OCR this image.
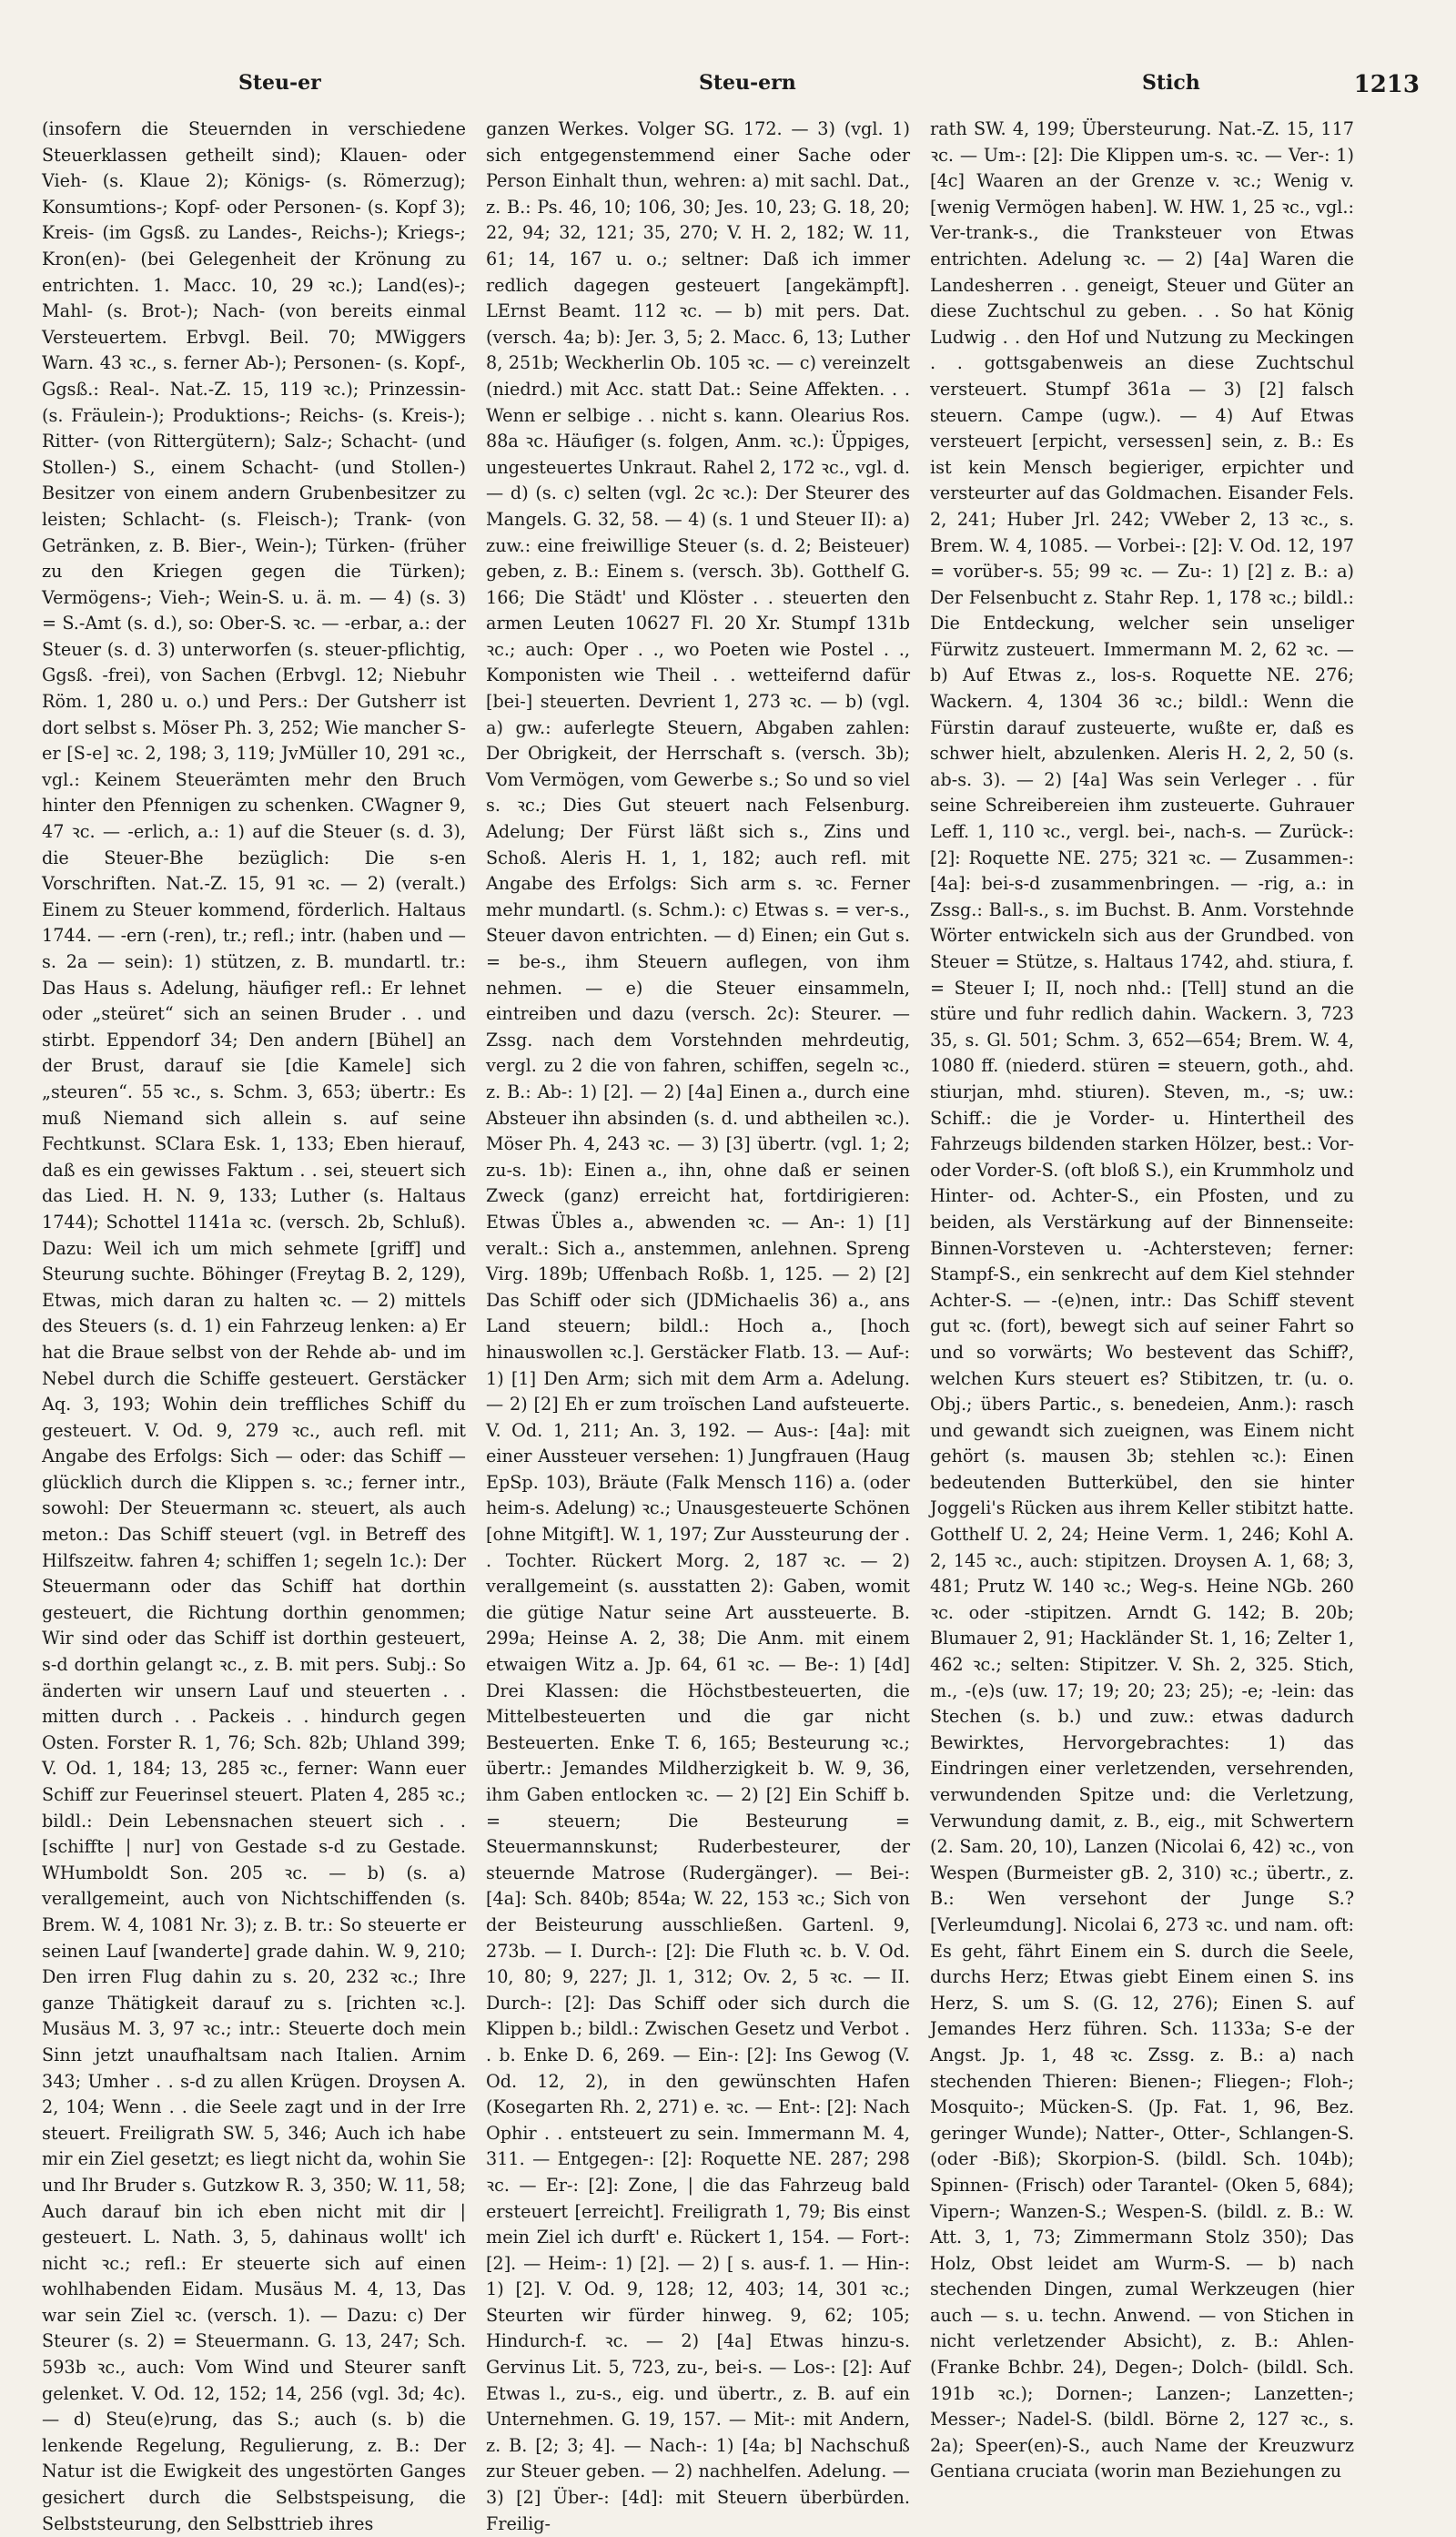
Steu-er	Steu-ern	Stich	1213

(insofern die Steuernden in verschiedene Steuerklassen getheilt sind); Klauen- oder Vieh- (s. Klaue 2); Königs- (s. Römerzug); Konsumtions-; Kopf- oder Personen- (s. Kopf 3); Kreis- (im Ggsß. zu Landes-, Reichs-); Kriegs-; Kron(en)- (bei Gelegenheit der Krönung zu entrichten. 1. Macc. 10, 29 ꝛc.); Land(es)-; Mahl- (s. Brot-); Nach- (von bereits einmal Versteuertem. Erbvgl. Beil. 70; MWiggers Warn. 43 ꝛc., s. ferner Ab-); Personen- (s. Kopf-, Ggsß.: Real-. Nat.-Z. 15, 119 ꝛc.); Prinzessin- (s. Fräulein-); Produktions-; Reichs- (s. Kreis-); Ritter- (von Rittergütern); Salz-; Schacht- (und Stollen-) S., einem Schacht- (und Stollen-) Besitzer von einem andern Grubenbesitzer zu leisten; Schlacht- (s. Fleisch-); Trank- (von Getränken, z. B. Bier-, Wein-); Türken- (früher zu den Kriegen gegen die Türken); Vermögens-; Vieh-; Wein-S. u. ä. m. — 4) (s. 3) = S.-Amt (s. d.), so: Ober-S. ꝛc. — -erbar, a.: der Steuer (s. d. 3) unterworfen (s. steuer-pflichtig, Ggsß. -frei), von Sachen (Erbvgl. 12; Niebuhr Röm. 1, 280 u. o.) und Pers.: Der Gutsherr ist dort selbst s. Möser Ph. 3, 252; Wie mancher S-er [S-e] ꝛc. 2, 198; 3, 119; JvMüller 10, 291 ꝛc., vgl.: Keinem Steuerämten mehr den Bruch hinter den Pfennigen zu schenken. CWagner 9, 47 ꝛc. — -erlich, a.: 1) auf die Steuer (s. d. 3), die Steuer-Bhe bezüglich: Die s-en Vorschriften. Nat.-Z. 15, 91 ꝛc. — 2) (veralt.) Einem zu Steuer kommend, förderlich. Haltaus 1744. — -ern (-ren), tr.; refl.; intr. (haben und — s. 2a — sein): 1) stützen, z. B. mundartl. tr.: Das Haus s. Adelung, häufiger refl.: Er lehnet oder „steüret“ sich an seinen Bruder . . und stirbt. Eppendorf 34; Den andern [Bühel] an der Brust, darauf sie [die Kamele] sich „steuren“. 55 ꝛc., s. Schm. 3, 653; übertr.: Es muß Niemand sich allein s. auf seine Fechtkunst. SClara Esk. 1, 133; Eben hierauf, daß es ein gewisses Faktum . . sei, steuert sich das Lied. H. N. 9, 133; Luther (s. Haltaus 1744); Schottel 1141a ꝛc. (versch. 2b, Schluß). Dazu: Weil ich um mich sehmete [griff] und Steurung suchte. Böhinger (Freytag B. 2, 129), Etwas, mich daran zu halten ꝛc. — 2) mittels des Steuers (s. d. 1) ein Fahrzeug lenken: a) Er hat die Braue selbst von der Rehde ab- und im Nebel durch die Schiffe gesteuert. Gerstäcker Aq. 3, 193; Wohin dein treffliches Schiff du gesteuert. V. Od. 9, 279 ꝛc., auch refl. mit Angabe des Erfolgs: Sich — oder: das Schiff — glücklich durch die Klippen s. ꝛc.; ferner intr., sowohl: Der Steuermann ꝛc. steuert, als auch meton.: Das Schiff steuert (vgl. in Betreff des Hilfszeitw. fahren 4; schiffen 1; segeln 1c.): Der Steuermann oder das Schiff hat dorthin gesteuert, die Richtung dorthin genommen; Wir sind oder das Schiff ist dorthin gesteuert, s-d dorthin gelangt ꝛc., z. B. mit pers. Subj.: So änderten wir unsern Lauf und steuerten . . mitten durch . . Packeis . . hindurch gegen Osten. Forster R. 1, 76; Sch. 82b; Uhland 399; V. Od. 1, 184; 13, 285 ꝛc., ferner: Wann euer Schiff zur Feuerinsel steuert. Platen 4, 285 ꝛc.; bildl.: Dein Lebensnachen steuert sich . . [schiffte | nur] von Gestade s-d zu Gestade. WHumboldt Son. 205 ꝛc. — b) (s. a) verallgemeint, auch von Nichtschiffenden (s. Brem. W. 4, 1081 Nr. 3); z. B. tr.: So steuerte er seinen Lauf [wanderte] grade dahin. W. 9, 210; Den irren Flug dahin zu s. 20, 232 ꝛc.; Ihre ganze Thätigkeit darauf zu s. [richten ꝛc.]. Musäus M. 3, 97 ꝛc.; intr.: Steuerte doch mein Sinn jetzt unaufhaltsam nach Italien. Arnim 343; Umher . . s-d zu allen Krügen. Droysen A. 2, 104; Wenn . . die Seele zagt und in der Irre steuert. Freiligrath SW. 5, 346; Auch ich habe mir ein Ziel gesetzt; es liegt nicht da, wohin Sie und Ihr Bruder s. Gutzkow R. 3, 350; W. 11, 58; Auch darauf bin ich eben nicht mit dir | gesteuert. L. Nath. 3, 5, dahinaus wollt' ich nicht ꝛc.; refl.: Er steuerte sich auf einen wohlhabenden Eidam. Musäus M. 4, 13, Das war sein Ziel ꝛc. (versch. 1). — Dazu: c) Der Steurer (s. 2) = Steuermann. G. 13, 247; Sch. 593b ꝛc., auch: Vom Wind und Steurer sanft gelenket. V. Od. 12, 152; 14, 256 (vgl. 3d; 4c). — d) Steu(e)rung, das S.; auch (s. b) die lenkende Regelung, Regulierung, z. B.: Der Natur ist die Ewigkeit des ungestörten Ganges gesichert durch die Selbstspeisung, die Selbststeurung, den Selbsttrieb ihres

ganzen Werkes. Volger SG. 172. — 3) (vgl. 1) sich entgegenstemmend einer Sache oder Person Einhalt thun, wehren: a) mit sachl. Dat., z. B.: Ps. 46, 10; 106, 30; Jes. 10, 23; G. 18, 20; 22, 94; 32, 121; 35, 270; V. H. 2, 182; W. 11, 61; 14, 167 u. o.; seltner: Daß ich immer redlich dagegen gesteuert [angekämpft]. LErnst Beamt. 112 ꝛc. — b) mit pers. Dat. (versch. 4a; b): Jer. 3, 5; 2. Macc. 6, 13; Luther 8, 251b; Weckherlin Ob. 105 ꝛc. — c) vereinzelt (niedrd.) mit Acc. statt Dat.: Seine Affekten. . . Wenn er selbige . . nicht s. kann. Olearius Ros. 88a ꝛc. Häufiger (s. folgen, Anm. ꝛc.): Üppiges, ungesteuertes Unkraut. Rahel 2, 172 ꝛc., vgl. d. — d) (s. c) selten (vgl. 2c ꝛc.): Der Steurer des Mangels. G. 32, 58. — 4) (s. 1 und Steuer II): a) zuw.: eine freiwillige Steuer (s. d. 2; Beisteuer) geben, z. B.: Einem s. (versch. 3b). Gotthelf G. 166; Die Städt' und Klöster . . steuerten den armen Leuten 10627 Fl. 20 Xr. Stumpf 131b ꝛc.; auch: Oper . ., wo Poeten wie Postel . ., Komponisten wie Theil . . wetteifernd dafür [bei-] steuerten. Devrient 1, 273 ꝛc. — b) (vgl. a) gw.: auferlegte Steuern, Abgaben zahlen: Der Obrigkeit, der Herrschaft s. (versch. 3b); Vom Vermögen, vom Gewerbe s.; So und so viel s. ꝛc.; Dies Gut steuert nach Felsenburg. Adelung; Der Fürst läßt sich s., Zins und Schoß. Aleris H. 1, 1, 182; auch refl. mit Angabe des Erfolgs: Sich arm s. ꝛc. Ferner mehr mundartl. (s. Schm.): c) Etwas s. = ver-s., Steuer davon entrichten. — d) Einen; ein Gut s. = be-s., ihm Steuern auflegen, von ihm nehmen. — e) die Steuer einsammeln, eintreiben und dazu (versch. 2c): Steurer. — Zssg. nach dem Vorstehnden mehrdeutig, vergl. zu 2 die von fahren, schiffen, segeln ꝛc., z. B.: Ab-: 1) [2]. — 2) [4a] Einen a., durch eine Absteuer ihn absinden (s. d. und abtheilen ꝛc.). Möser Ph. 4, 243 ꝛc. — 3) [3] übertr. (vgl. 1; 2; zu-s. 1b): Einen a., ihn, ohne daß er seinen Zweck (ganz) erreicht hat, fortdirigieren: Etwas Übles a., abwenden ꝛc. — An-: 1) [1] veralt.: Sich a., anstemmen, anlehnen. Spreng Virg. 189b; Uffenbach Roßb. 1, 125. — 2) [2] Das Schiff oder sich (JDMichaelis 36) a., ans Land steuern; bildl.: Hoch a., [hoch hinauswollen ꝛc.]. Gerstäcker Flatb. 13. — Auf-: 1) [1] Den Arm; sich mit dem Arm a. Adelung. — 2) [2] Eh er zum troïschen Land aufsteuerte. V. Od. 1, 211; An. 3, 192. — Aus-: [4a]: mit einer Aussteuer versehen: 1) Jungfrauen (Haug EpSp. 103), Bräute (Falk Mensch 116) a. (oder heim-s. Adelung) ꝛc.; Unausgesteuerte Schönen [ohne Mitgift]. W. 1, 197; Zur Aussteurung der . . Tochter. Rückert Morg. 2, 187 ꝛc. — 2) verallgemeint (s. ausstatten 2): Gaben, womit die gütige Natur seine Art aussteuerte. B. 299a; Heinse A. 2, 38; Die Anm. mit einem etwaigen Witz a. Jp. 64, 61 ꝛc. — Be-: 1) [4d] Drei Klassen: die Höchstbesteuerten, die Mittelbesteuerten und die gar nicht Besteuerten. Enke T. 6, 165; Besteurung ꝛc.; übertr.: Jemandes Mildherzigkeit b. W. 9, 36, ihm Gaben entlocken ꝛc. — 2) [2] Ein Schiff b. = steuern; Die Besteurung = Steuermannskunst; Ruderbesteurer, der steuernde Matrose (Rudergänger). — Bei-: [4a]: Sch. 840b; 854a; W. 22, 153 ꝛc.; Sich von der Beisteurung ausschließen. Gartenl. 9, 273b. — I. Durch-: [2]: Die Fluth ꝛc. b. V. Od. 10, 80; 9, 227; Jl. 1, 312; Ov. 2, 5 ꝛc. — II. Durch-: [2]: Das Schiff oder sich durch die Klippen b.; bildl.: Zwischen Gesetz und Verbot . . b. Enke D. 6, 269. — Ein-: [2]: Ins Gewog (V. Od. 12, 2), in den gewünschten Hafen (Kosegarten Rh. 2, 271) e. ꝛc. — Ent-: [2]: Nach Ophir . . entsteuert zu sein. Immermann M. 4, 311. — Entgegen-: [2]: Roquette NE. 287; 298 ꝛc. — Er-: [2]: Zone, | die das Fahrzeug bald ersteuert [erreicht]. Freiligrath 1, 79; Bis einst mein Ziel ich durft' e. Rückert 1, 154. — Fort-: [2]. — Heim-: 1) [2]. — 2) [ s. aus-f. 1. — Hin-: 1) [2]. V. Od. 9, 128; 12, 403; 14, 301 ꝛc.; Steurten wir fürder hinweg. 9, 62; 105; Hindurch-f. ꝛc. — 2) [4a] Etwas hinzu-s. Gervinus Lit. 5, 723, zu-, bei-s. — Los-: [2]: Auf Etwas l., zu-s., eig. und übertr., z. B. auf ein Unternehmen. G. 19, 157. — Mit-: mit Andern, z. B. [2; 3; 4]. — Nach-: 1) [4a; b] Nachschuß zur Steuer geben. — 2) nachhelfen. Adelung. — 3) [2] Über-: [4d]: mit Steuern überbürden. Freilig-

rath SW. 4, 199; Übersteurung. Nat.-Z. 15, 117 ꝛc. — Um-: [2]: Die Klippen um-s. ꝛc. — Ver-: 1) [4c] Waaren an der Grenze v. ꝛc.; Wenig v. [wenig Vermögen haben]. W. HW. 1, 25 ꝛc., vgl.: Ver-trank-s., die Tranksteuer von Etwas entrichten. Adelung ꝛc. — 2) [4a] Waren die Landesherren . . geneigt, Steuer und Güter an diese Zuchtschul zu geben. . . So hat König Ludwig . . den Hof und Nutzung zu Meckingen . . gottsgabenweis an diese Zuchtschul versteuert. Stumpf 361a — 3) [2] falsch steuern. Campe (ugw.). — 4) Auf Etwas versteuert [erpicht, versessen] sein, z. B.: Es ist kein Mensch begieriger, erpichter und versteurter auf das Goldmachen. Eisander Fels. 2, 241; Huber Jrl. 242; VWeber 2, 13 ꝛc., s. Brem. W. 4, 1085. — Vorbei-: [2]: V. Od. 12, 197 = vorüber-s. 55; 99 ꝛc. — Zu-: 1) [2] z. B.: a) Der Felsenbucht z. Stahr Rep. 1, 178 ꝛc.; bildl.: Die Entdeckung, welcher sein unseliger Fürwitz zusteuert. Immermann M. 2, 62 ꝛc. — b) Auf Etwas z., los-s. Roquette NE. 276; Wackern. 4, 1304 36 ꝛc.; bildl.: Wenn die Fürstin darauf zusteuerte, wußte er, daß es schwer hielt, abzulenken. Aleris H. 2, 2, 50 (s. ab-s. 3). — 2) [4a] Was sein Verleger . . für seine Schreibereien ihm zusteuerte. Guhrauer Leff. 1, 110 ꝛc., vergl. bei-, nach-s. — Zurück-: [2]: Roquette NE. 275; 321 ꝛc. — Zusammen-: [4a]: bei-s-d zusammenbringen. — -rig, a.: in Zssg.: Ball-s., s. im Buchst. B. Anm. Vorstehnde Wörter entwickeln sich aus der Grundbed. von Steuer = Stütze, s. Haltaus 1742, ahd. stiura, f. = Steuer I; II, noch nhd.: [Tell] stund an die stüre und fuhr redlich dahin. Wackern. 3, 723 35, s. Gl. 501; Schm. 3, 652—654; Brem. W. 4, 1080 ff. (niederd. stüren = steuern, goth., ahd. stiurjan, mhd. stiuren). Steven, m., -s; uw.: Schiff.: die je Vorder- u. Hintertheil des Fahrzeugs bildenden starken Hölzer, best.: Vor- oder Vorder-S. (oft bloß S.), ein Krummholz und Hinter- od. Achter-S., ein Pfosten, und zu beiden, als Verstärkung auf der Binnenseite: Binnen-Vorsteven u. -Achtersteven; ferner: Stampf-S., ein senkrecht auf dem Kiel stehnder Achter-S. — -(e)nen, intr.: Das Schiff stevent gut ꝛc. (fort), bewegt sich auf seiner Fahrt so und so vorwärts; Wo bestevent das Schiff?, welchen Kurs steuert es? Stibitzen, tr. (u. o. Obj.; übers Partic., s. benedeien, Anm.): rasch und gewandt sich zueignen, was Einem nicht gehört (s. mausen 3b; stehlen ꝛc.): Einen bedeutenden Butterkübel, den sie hinter Joggeli's Rücken aus ihrem Keller stibitzt hatte. Gotthelf U. 2, 24; Heine Verm. 1, 246; Kohl A. 2, 145 ꝛc., auch: stipitzen. Droysen A. 1, 68; 3, 481; Prutz W. 140 ꝛc.; Weg-s. Heine NGb. 260 ꝛc. oder -stipitzen. Arndt G. 142; B. 20b; Blumauer 2, 91; Hackländer St. 1, 16; Zelter 1, 462 ꝛc.; selten: Stipitzer. V. Sh. 2, 325. Stich, m., -(e)s (uw. 17; 19; 20; 23; 25); -e; -lein: das Stechen (s. b.) und zuw.: etwas dadurch Bewirktes, Hervorgebrachtes: 1) das Eindringen einer verletzenden, versehrenden, verwundenden Spitze und: die Verletzung, Verwundung damit, z. B., eig., mit Schwertern (2. Sam. 20, 10), Lanzen (Nicolai 6, 42) ꝛc., von Wespen (Burmeister gB. 2, 310) ꝛc.; übertr., z. B.: Wen versehont der Junge S.? [Verleumdung]. Nicolai 6, 273 ꝛc. und nam. oft: Es geht, fährt Einem ein S. durch die Seele, durchs Herz; Etwas giebt Einem einen S. ins Herz, S. um S. (G. 12, 276); Einen S. auf Jemandes Herz führen. Sch. 1133a; S-e der Angst. Jp. 1, 48 ꝛc. Zssg. z. B.: a) nach stechenden Thieren: Bienen-; Fliegen-; Floh-; Mosquito-; Mücken-S. (Jp. Fat. 1, 96, Bez. geringer Wunde); Natter-, Otter-, Schlangen-S. (oder -Biß); Skorpion-S. (bildl. Sch. 104b); Spinnen- (Frisch) oder Tarantel- (Oken 5, 684); Vipern-; Wanzen-S.; Wespen-S. (bildl. z. B.: W. Att. 3, 1, 73; Zimmermann Stolz 350); Das Holz, Obst leidet am Wurm-S. — b) nach stechenden Dingen, zumal Werkzeugen (hier auch — s. u. techn. Anwend. — von Stichen in nicht verletzender Absicht), z. B.: Ahlen- (Franke Bchbr. 24), Degen-; Dolch- (bildl. Sch. 191b ꝛc.); Dornen-; Lanzen-; Lanzetten-; Messer-; Nadel-S. (bildl. Börne 2, 127 ꝛc., s. 2a); Speer(en)-S., auch Name der Kreuzwurz Gentiana cruciata (worin man Beziehungen zu
